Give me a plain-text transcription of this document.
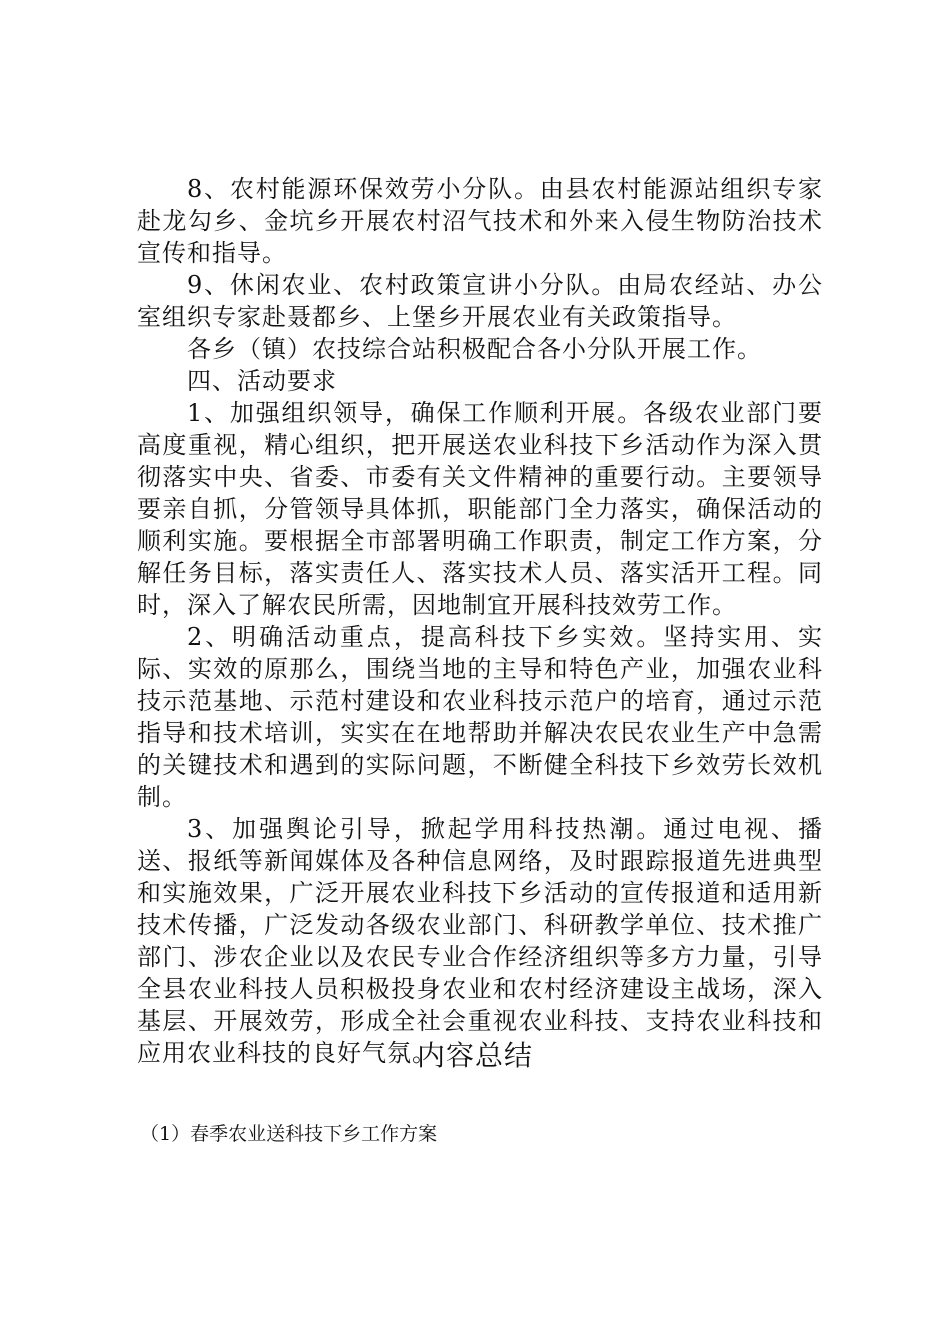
8、农村能源环保效劳小分队。由县农村能源站组织专家赴龙勾乡、金坑乡开展农村沼气技术和外来入侵生物防治技术宣传和指导。

9、休闲农业、农村政策宣讲小分队。由局农经站、办公室组织专家赴聂都乡、上堡乡开展农业有关政策指导。

各乡（镇）农技综合站积极配合各小分队开展工作。

四、活动要求

1、加强组织领导，确保工作顺利开展。各级农业部门要高度重视，精心组织，把开展送农业科技下乡活动作为深入贯彻落实中央、省委、市委有关文件精神的重要行动。主要领导要亲自抓，分管领导具体抓，职能部门全力落实，确保活动的顺利实施。要根据全市部署明确工作职责，制定工作方案，分解任务目标，落实责任人、落实技术人员、落实活开工程。同时，深入了解农民所需，因地制宜开展科技效劳工作。

2、明确活动重点，提高科技下乡实效。坚持实用、实际、实效的原那么，围绕当地的主导和特色产业，加强农业科技示范基地、示范村建设和农业科技示范户的培育，通过示范指导和技术培训，实实在在地帮助并解决农民农业生产中急需的关键技术和遇到的实际问题，不断健全科技下乡效劳长效机制。

3、加强舆论引导，掀起学用科技热潮。通过电视、播送、报纸等新闻媒体及各种信息网络，及时跟踪报道先进典型和实施效果，广泛开展农业科技下乡活动的宣传报道和适用新技术传播，广泛发动各级农业部门、科研教学单位、技术推广部门、涉农企业以及农民专业合作经济组织等多方力量，引导全县农业科技人员积极投身农业和农村经济建设主战场，深入基层、开展效劳，形成全社会重视农业科技、支持农业科技和应用农业科技的良好气氛。

内容总结

（1）春季农业送科技下乡工作方案
